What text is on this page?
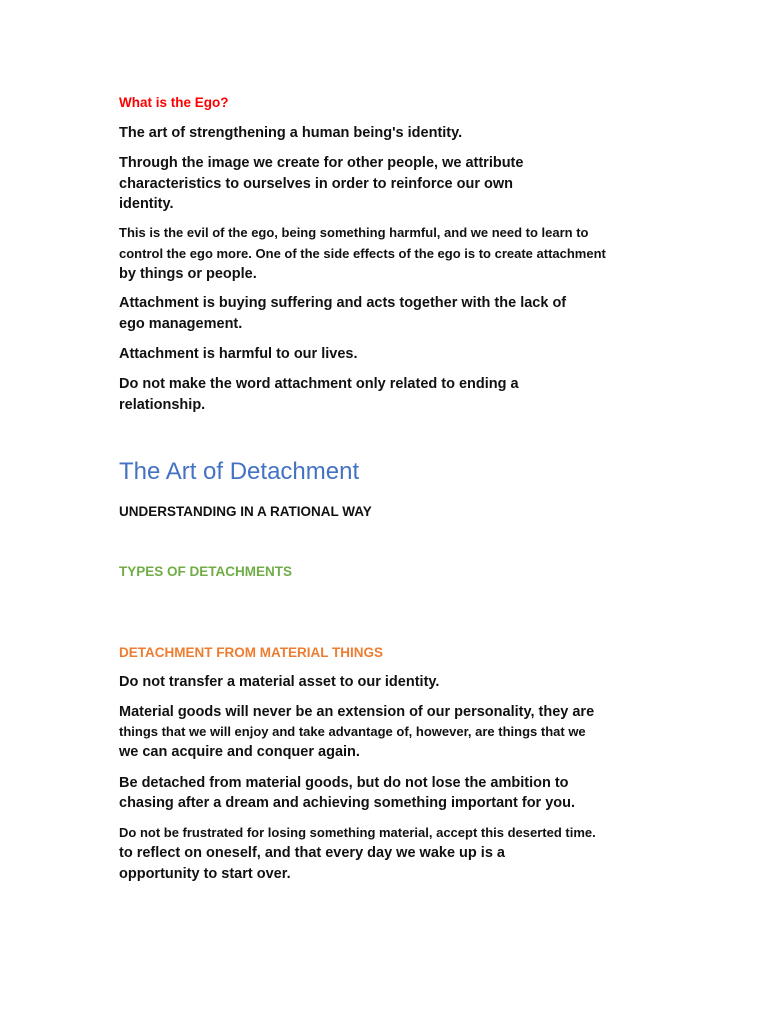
What is the Ego?
The art of strengthening a human being's identity.
Through the image we create for other people, we attribute
characteristics to ourselves in order to reinforce our own
identity.
This is the evil of the ego, being something harmful, and we need to learn to
control the ego more. One of the side effects of the ego is to create attachment
by things or people.
Attachment is buying suffering and acts together with the lack of
ego management.
Attachment is harmful to our lives.
Do not make the word attachment only related to ending a
relationship.
The Art of Detachment
UNDERSTANDING IN A RATIONAL WAY
TYPES OF DETACHMENTS
DETACHMENT FROM MATERIAL THINGS
Do not transfer a material asset to our identity.
Material goods will never be an extension of our personality, they are
things that we will enjoy and take advantage of, however, are things that we
we can acquire and conquer again.
Be detached from material goods, but do not lose the ambition to
chasing after a dream and achieving something important for you.
Do not be frustrated for losing something material, accept this deserted time.
to reflect on oneself, and that every day we wake up is a
opportunity to start over.
